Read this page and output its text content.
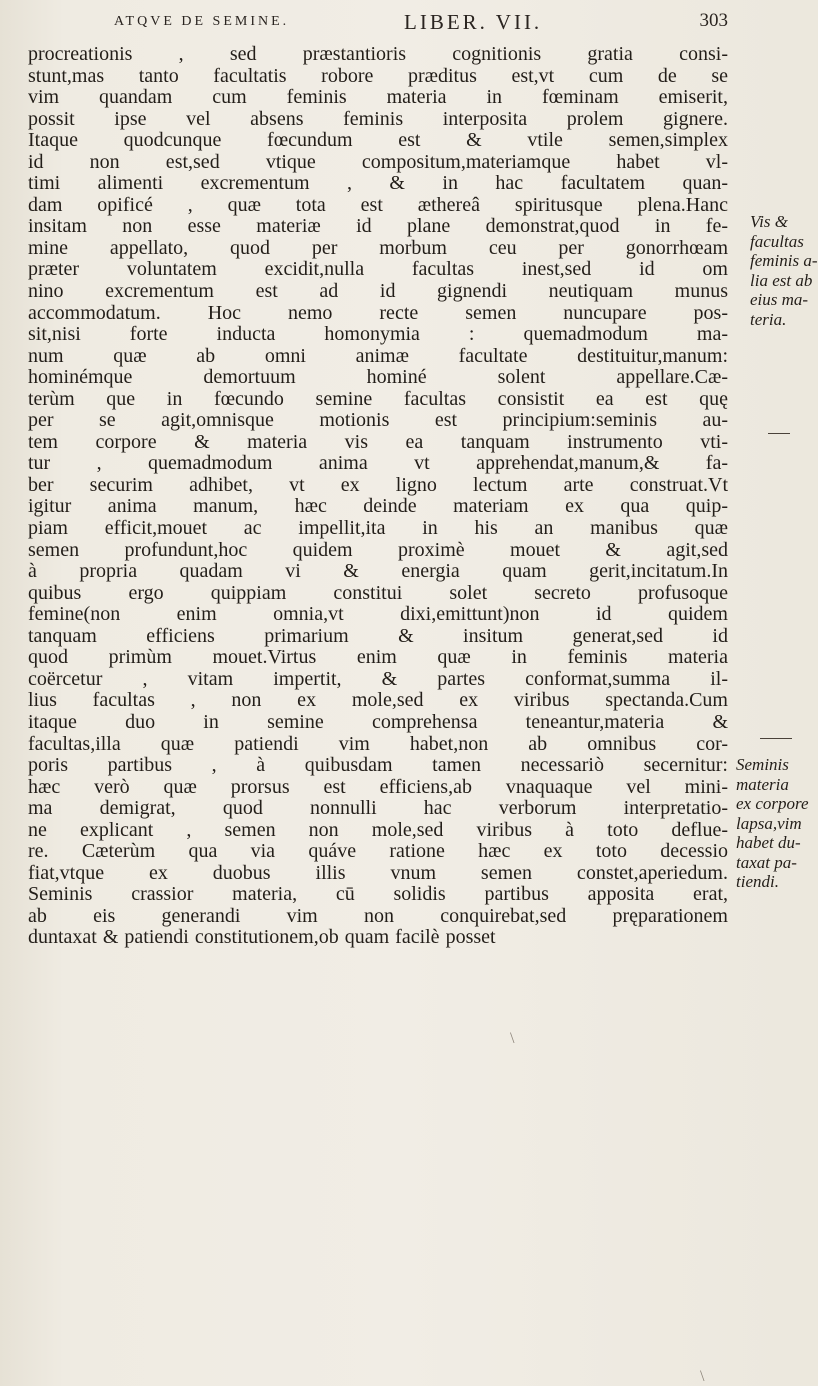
ATQVE DE SEMINE.	LIBER. VII.	303
procreationis , sed præstantioris cognitionis gratia consi-
stunt,mas tanto facultatis robore præditus est,vt cum de se
vim quandam cum feminis materia in fœminam emiserit,
possit ipse vel absens feminis interposita prolem gignere.
Itaque quodcunque fœcundum est & vtile semen,simplex
id non est,sed vtique compositum,materiamque habet vl-
timi alimenti excrementum , & in hac facultatem quan-
dam opificé , quæ tota est æthereâ spiritusque plena.Hanc
insitam non esse materiæ id plane demonstrat,quod in fe-
mine appellato, quod per morbum ceu per gonorrhœam
præter voluntatem excidit,nulla facultas inest,sed id om
nino excrementum est ad id gignendi neutiquam munus
accommodatum. Hoc nemo recte semen nuncupare pos-
sit,nisi forte inducta homonymia : quemadmodum ma-
num quæ ab omni animæ facultate destituitur,manum:
hominémque demortuum hominé solent appellare.Cæ-
terùm que in fœcundo semine facultas consistit ea est quę
per se agit,omnisque motionis est principium:seminis au-
tem corpore & materia vis ea tanquam instrumento vti-
tur , quemadmodum anima vt apprehendat,manum,& fa-
ber securim adhibet, vt ex ligno lectum arte construat.Vt
igitur anima manum, hæc deinde materiam ex qua quip-
piam efficit,mouet ac impellit,ita in his an manibus quæ
semen profundunt,hoc quidem proximè mouet & agit,sed
à propria quadam vi & energia quam gerit,incitatum.In
quibus ergo quippiam constitui solet secreto profusoque
femine(non enim omnia,vt dixi,emittunt)non id quidem
tanquam efficiens primarium & insitum generat,sed id
quod primùm mouet.Virtus enim quæ in feminis materia
coërcetur , vitam impertit, & partes conformat,summa il-
lius facultas , non ex mole,sed ex viribus spectanda.Cum
itaque duo in semine comprehensa teneantur,materia &
facultas,illa quæ patiendi vim habet,non ab omnibus cor-
poris partibus , à quibusdam tamen necessariò secernitur:
hæc verò quæ prorsus est efficiens,ab vnaquaque vel mini-
ma demigrat, quod nonnulli hac verborum interpretatio-
ne explicant , semen non mole,sed viribus à toto deflue-
re. Cæterùm qua via quáve ratione hæc ex toto decessio
fiat,vtque ex duobus illis vnum semen constet,aperiedum.
Seminis crassior materia, cū solidis partibus apposita erat,
ab eis generandi vim non conquirebat,sed pręparationem
duntaxat & patiendi constitutionem,ob quam facilè posset
Vis &
facultas
feminis a-
lia est ab
eius ma-
teria.
Seminis
materia
ex corpore
lapsa,vim
habet du-
taxat pa-
tiendi.
\
\
